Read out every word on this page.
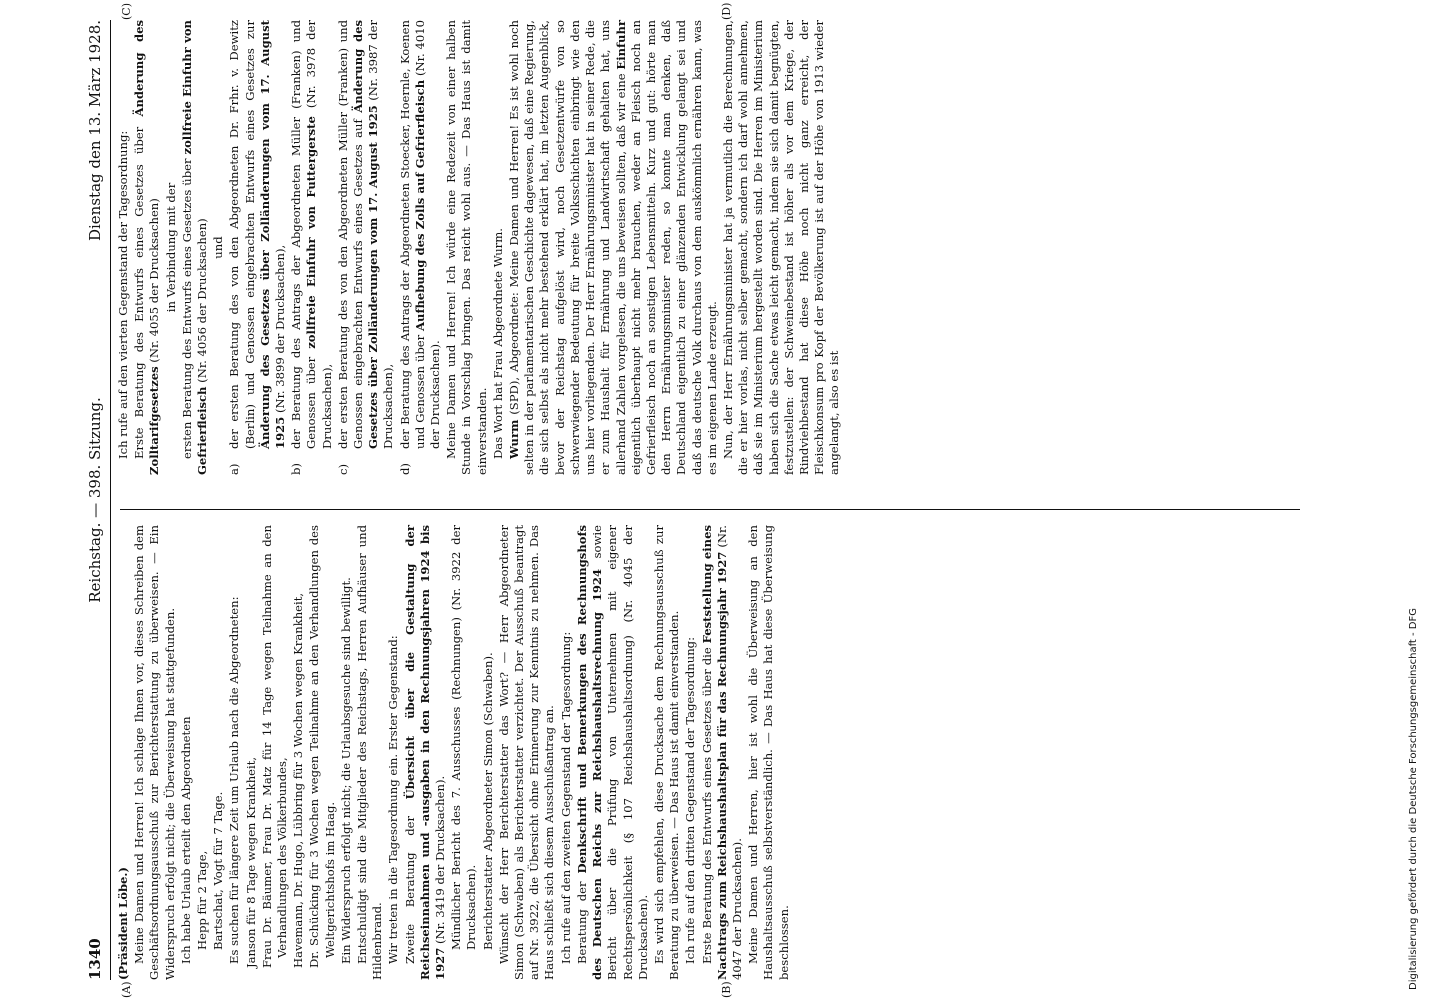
1340
Reichstag. — 398. Sitzung.
Dienstag den 13. März 1928.
(A)	(B)
(C)	(D)

(Präsident Löbe.) Meine Damen und Herren! Ich schlage Ihnen vor, dieses Schreiben dem Geschäftsordnungsausschuß zur Berichterstattung zu überweisen. — Ein Widerspruch erfolgt nicht; die Überweisung hat stattgefunden. Ich habe Urlaub erteilt den Abgeordneten Hepp für 2 Tage, Bartschat, Vogt für 7 Tage. Es suchen für längere Zeit um Urlaub nach die Abgeordneten: Janson für 8 Tage wegen Krankheit, Frau Dr. Bäumer, Frau Dr. Matz für 14 Tage wegen Teilnahme an den Verhandlungen des Völkerbundes, Havemann, Dr. Hugo, Lübbring für 3 Wochen wegen Krankheit, Dr. Schücking für 3 Wochen wegen Teilnahme an den Verhandlungen des Weltgerichtshofs im Haag. Ein Widerspruch erfolgt nicht; die Urlaubsgesuche sind bewilligt. Entschuldigt sind die Mitglieder des Reichstags, Herren Aufhäuser und Hildenbrand. Wir treten in die Tagesordnung ein. Erster Gegenstand: Zweite Beratung der Übersicht über die Gestaltung der Reichseinnahmen und -ausgaben in den Rechnungsjahren 1924 bis 1927 (Nr. 3419 der Drucksachen). Mündlicher Bericht des 7. Ausschusses (Rechnungen) (Nr. 3922 der Drucksachen). Berichterstatter Abgeordneter Simon (Schwaben). Wünscht der Herr Berichterstatter das Wort? — Herr Abgeordneter Simon (Schwaben) als Berichterstatter verzichtet. Der Ausschuß beantragt auf Nr. 3922, die Übersicht ohne Erinnerung zur Kenntnis zu nehmen. Das Haus schließt sich diesem Ausschußantrag an. Ich rufe auf den zweiten Gegenstand der Tagesordnung: Beratung der Denkschrift und Bemerkungen des Rechnungshofs des Deutschen Reichs zur Reichshaushaltsrechnung 1924 sowie Bericht über die Prüfung von Unternehmen mit eigener Rechtspersönlichkeit (§ 107 Reichshaushaltsordnung) (Nr. 4045 der Drucksachen). Es wird sich empfehlen, diese Drucksache dem Rechnungsausschuß zur Beratung zu überweisen. — Das Haus ist damit einverstanden. Ich rufe auf den dritten Gegenstand der Tagesordnung: Erste Beratung des Entwurfs eines Gesetzes über die Feststellung eines Nachtrags zum Reichshaushaltsplan für das Rechnungsjahr 1927 (Nr. 4047 der Drucksachen). Meine Damen und Herren, hier ist wohl die Überweisung an den Haushaltsausschuß selbstverständlich. — Das Haus hat diese Überweisung beschlossen.

Ich rufe auf den vierten Gegenstand der Tagesordnung: Erste Beratung des Entwurfs eines Gesetzes über Änderung des Zolltarifgesetzes (Nr. 4055 der Drucksachen) in Verbindung mit der ersten Beratung des Entwurfs eines Gesetzes über zollfreie Einfuhr von Gefrierfleisch (Nr. 4056 der Drucksachen) und

a)
der ersten Beratung des von den Abgeordneten Dr. Frhr. v. Dewitz (Berlin) und Genossen eingebrachten Entwurfs eines Gesetzes zur Änderung des Gesetzes über Zolländerungen vom 17. August 1925 (Nr. 3899 der Drucksachen),
b)
der Beratung des Antrags der Abgeordneten Müller (Franken) und Genossen über zollfreie Einfuhr von Futtergerste (Nr. 3978 der Drucksachen),
c)
der ersten Beratung des von den Abgeordneten Müller (Franken) und Genossen eingebrachten Entwurfs eines Gesetzes auf Änderung des Gesetzes über Zolländerungen vom 17. August 1925 (Nr. 3987 der Drucksachen),
d)
der Beratung des Antrags der Abgeordneten Stoecker, Hoernle, Koenen und Genossen über Aufhebung des Zolls auf Gefrierfleisch (Nr. 4010 der Drucksachen). Meine Damen und Herren! Ich würde eine Redezeit von einer halben Stunde in Vorschlag bringen. Das reicht wohl aus. — Das Haus ist damit einverstanden. Das Wort hat Frau Abgeordnete Wurm. Wurm (SPD), Abgeordnete: Meine Damen und Herren! Es ist wohl noch selten in der parlamentarischen Geschichte dagewesen, daß eine Regierung, die sich selbst als nicht mehr bestehend erklärt hat, im letzten Augenblick, bevor der Reichstag aufgelöst wird, noch Gesetzentwürfe von so schwerwiegender Bedeutung für breite Volksschichten einbringt wie den uns hier vorliegenden. Der Herr Ernährungsminister hat in seiner Rede, die er zum Haushalt für Ernährung und Landwirtschaft gehalten hat, uns allerhand Zahlen vorgelesen, die uns beweisen sollten, daß wir eine Einfuhr eigentlich überhaupt nicht mehr brauchen, weder an Fleisch noch an Gefrierfleisch noch an sonstigen Lebensmitteln. Kurz und gut: hörte man den Herrn Ernährungsminister reden, so konnte man denken, daß Deutschland eigentlich zu einer glänzenden Entwicklung gelangt sei und daß das deutsche Volk durchaus von dem auskömmlich ernähren kann, was es im eigenen Lande erzeugt. Nun, der Herr Ernährungsminister hat ja vermutlich die Berechnungen, die er hier vorlas, nicht selber gemacht, sondern ich darf wohl annehmen, daß sie im Ministerium hergestellt worden sind. Die Herren im Ministerium haben sich die Sache etwas leicht gemacht, indem sie sich damit begnügten, festzustellen: der Schweinebestand ist höher als vor dem Kriege, der Rindviehbestand hat diese Höhe noch nicht ganz erreicht, der Fleischkonsum pro Kopf der Bevölkerung ist auf der Höhe von 1913 wieder angelangt, also es ist

Digitalisierung gefördert durch die Deutsche Forschungsgemeinschaft - DFG
